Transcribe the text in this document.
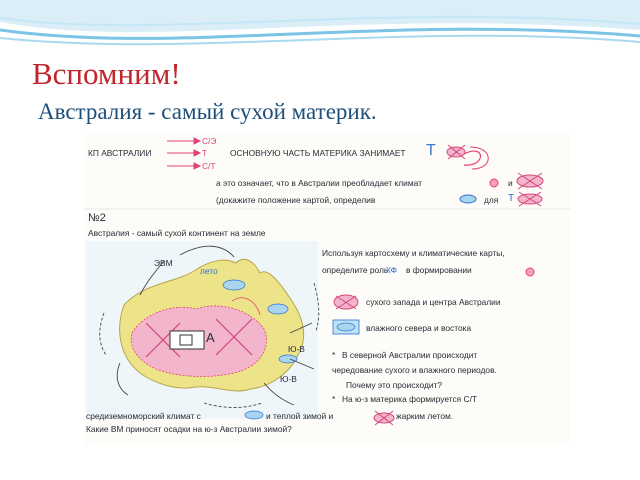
Вспомним!
Австралия - самый сухой материк.
КП АВСТРАЛИИ
С/Э
Т
С/Т
ОСНОВНУЮ ЧАСТЬ МАТЕРИКА ЗАНИМАЕТ Т
а это означает, что в Австралии преобладает климат	и
(докажите положение картой, определив	для Т
№2
Австралия - самый сухой континент на земле
Используя картосхему и климатические карты,
определите роль
КФ в формировании
сухого запада и центра Австралии
влажного севера и востока
ЭВМ
лето
Ю-В
Ю-В
А
* В северной Австралии происходит
чередование сухого и влажного периодов.
Почему это происходит?
* На ю-з материка формируется С/Т
средиземноморский климат с	и теплой зимой и	жарким летом.
Какие ВМ приносят осадки на ю-з Австралии зимой?
